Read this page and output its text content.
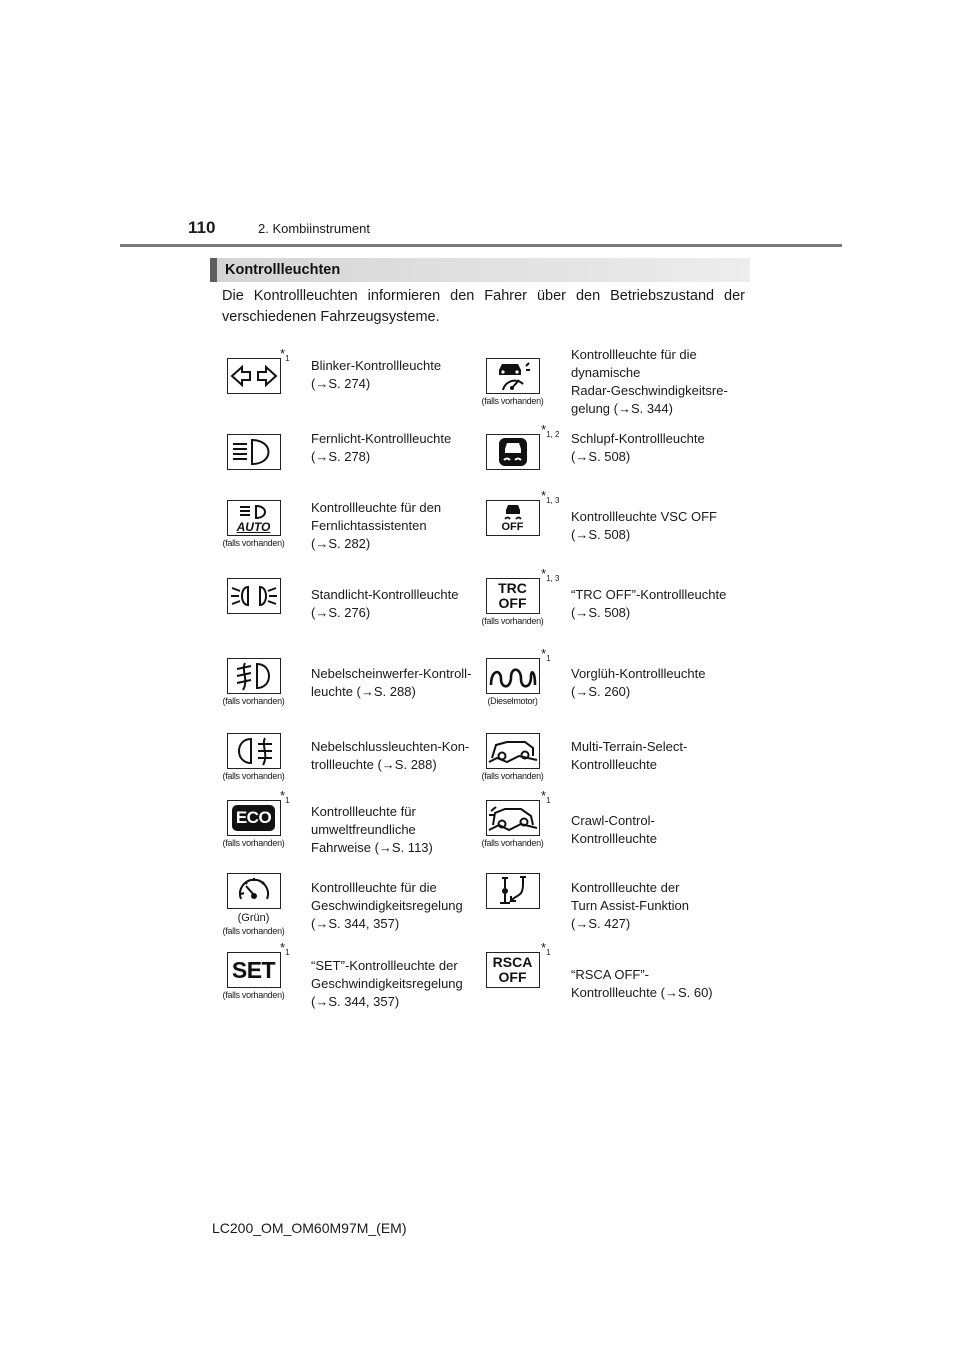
110	2. Kombiinstrument
Kontrollleuchten

Die Kontrollleuchten informieren den Fahrer über den Betriebszustand der verschiedenen Fahrzeugsysteme.

$*_1$ Blinker-Kontrollleuchte
(→S. 274)
(falls vorhanden)
Kontrollleuchte für die
dynamische
Radar-Geschwindigkeitsre-
gelung (→S. 344)
Fernlicht-Kontrollleuchte
(→S. 278)
$*_{1, 2}$ Schlupf-Kontrollleuchte
(→S. 508)
AUTO
(falls vorhanden)
Kontrollleuchte für den
Fernlichtassistenten
(→S. 282)
OFF
$*_{1, 3}$
Kontrollleuchte VSC OFF
(→S. 508)
Standlicht-Kontrollleuchte
(→S. 276)
TRC
OFF
(falls vorhanden)
$*_{1, 3}$
“TRC OFF”-Kontrollleuchte
(→S. 508)
(falls vorhanden)
Nebelscheinwerfer-Kontroll-
leuchte (→S. 288)
(Dieselmotor)
$*_1$
Vorglüh-Kontrollleuchte
(→S. 260)
(falls vorhanden)
Nebelschlussleuchten-Kon-
trollleuchte (→S. 288)
(falls vorhanden)
Multi-Terrain-Select-
Kontrollleuchte
ECO
(falls vorhanden)
$*_1$
Kontrollleuchte für
umweltfreundliche
Fahrweise (→S. 113)	(falls vorhanden)
$*_1$
Crawl-Control-
Kontrollleuchte
(Grün)
(falls vorhanden)
Kontrollleuchte für die
Geschwindigkeitsregelung
(→S. 344, 357)
Kontrollleuchte der
Turn Assist-Funktion
(→S. 427)
SET
(falls vorhanden)
$*_1$
“SET”-Kontrollleuchte der
Geschwindigkeitsregelung
(→S. 344, 357)
RSCA
OFF
$*_1$
“RSCA OFF”-
Kontrollleuchte (→S. 60)
LC200_OM_OM60M97M_(EM)
